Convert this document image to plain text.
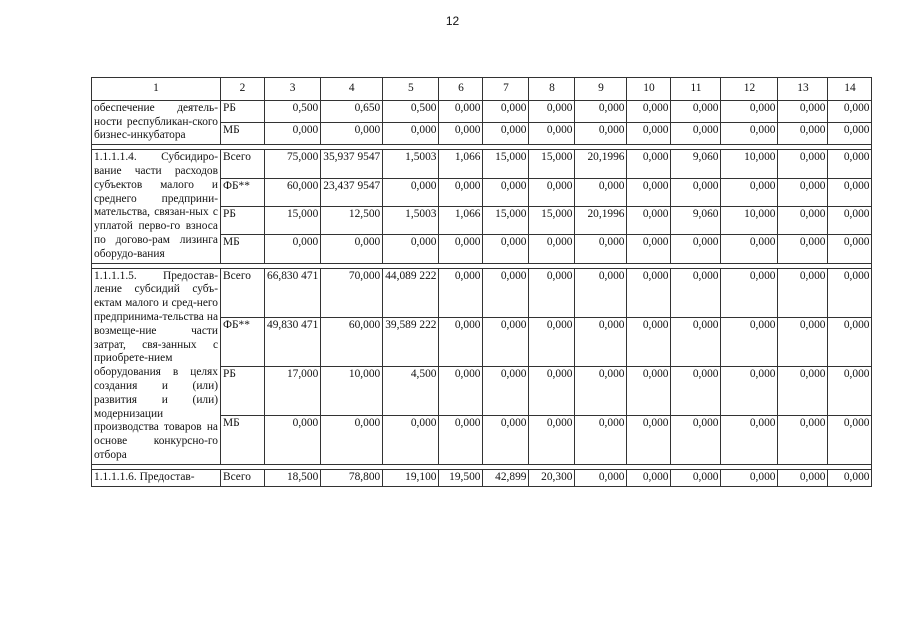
12
1	2	3	4	5	6	7	8	9	10	11	12	13	14
обеспечение деятель-ности республикан-ского бизнес-инкубатора	РБ	0,500	0,650	0,500	0,000	0,000	0,000	0,000	0,000	0,000	0,000	0,000	0,000
	МБ	0,000	0,000	0,000	0,000	0,000	0,000	0,000	0,000	0,000	0,000	0,000	0,000

1.1.1.1.4. Субсидиро-вание части расходов субъектов малого и среднего предприни-мательства, связан-ных с уплатой перво-го взноса по догово-рам лизинга оборудо-вания	Всего	75,000	35,937 9547	1,5003	1,066	15,000	15,000	20,1996	0,000	9,060	10,000	0,000	0,000
	ФБ**	60,000	23,437 9547	0,000	0,000	0,000	0,000	0,000	0,000	0,000	0,000	0,000	0,000
	РБ	15,000	12,500	1,5003	1,066	15,000	15,000	20,1996	0,000	9,060	10,000	0,000	0,000
	МБ	0,000	0,000	0,000	0,000	0,000	0,000	0,000	0,000	0,000	0,000	0,000	0,000

1.1.1.1.5. Предостав-ление субсидий субъ-ектам малого и сред-него предпринима-тельства на возмеще-ние части затрат, свя-занных с приобрете-нием оборудования в целях создания и (или) развития и (или) модернизации производства товаров на основе конкурсно-го отбора	Всего	66,830 471	70,000	44,089 222	0,000	0,000	0,000	0,000	0,000	0,000	0,000	0,000	0,000
	ФБ**	49,830 471	60,000	39,589 222	0,000	0,000	0,000	0,000	0,000	0,000	0,000	0,000	0,000
	РБ	17,000	10,000	4,500	0,000	0,000	0,000	0,000	0,000	0,000	0,000	0,000	0,000
	МБ	0,000	0,000	0,000	0,000	0,000	0,000	0,000	0,000	0,000	0,000	0,000	0,000

1.1.1.1.6. Предостав-	Всего	18,500	78,800	19,100	19,500	42,899	20,300	0,000	0,000	0,000	0,000	0,000	0,000
